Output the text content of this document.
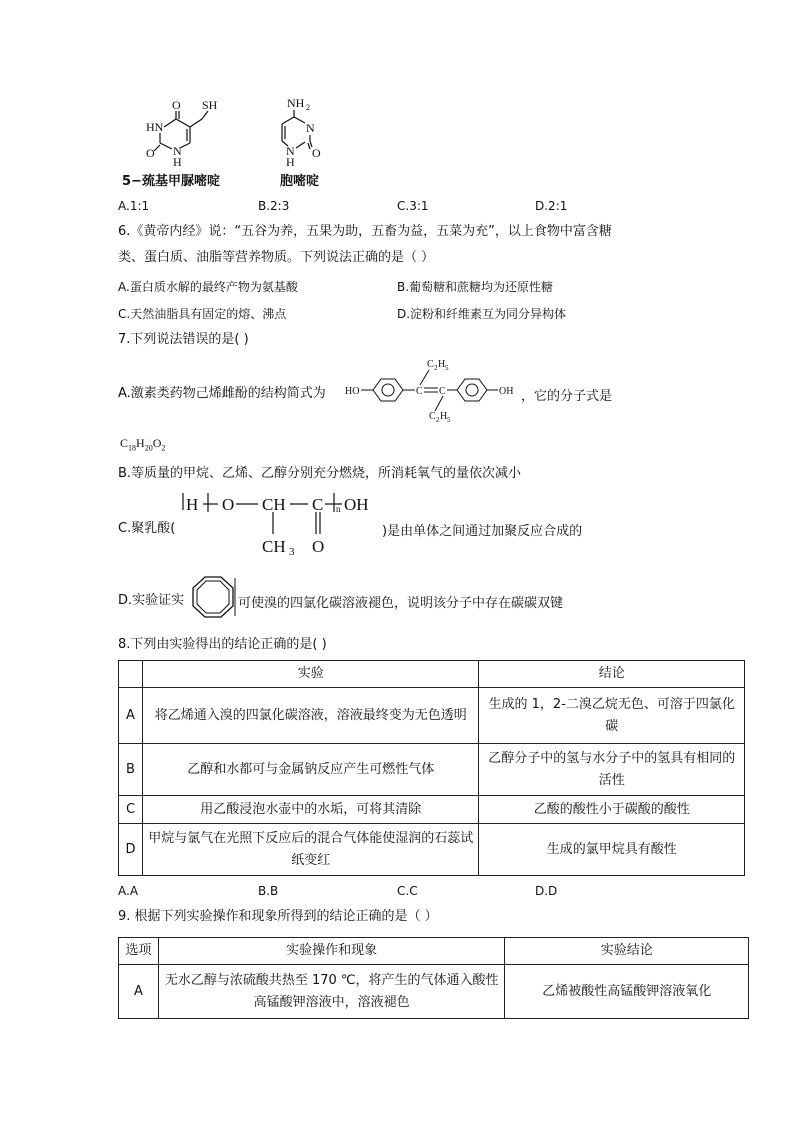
O SH
HN
O N
H
5−巯基甲脲嘧啶
NH 2
N
O
N
H
胞嘧啶
A.1:1	B.2:3	C.3:1	D.2:1
6.《黄帝内经》说：“五谷为养，五果为助，五畜为益，五菜为充”，以上食物中富含糖
类、蛋白质、油脂等营养物质。下列说法正确的是（ ）
A.蛋白质水解的最终产物为氨基酸	B.葡萄糖和蔗糖均为还原性糖
C.天然油脂具有固定的熔、沸点	D.淀粉和纤维素互为同分异构体
7.下列说法错误的是( )
A.激素类药物己烯雌酚的结构简式为 HO	OH
C 2 H 5
C 2 H 5
C C	，它的分子式是
$C_{18}H_{20}O_2$
B.等质量的甲烷、乙烯、乙醇分别充分燃烧，所消耗氧气的量依次减小
C.聚乳酸(
H O CH C OH
CH 3 O
n
)是由单体之间通过加聚反应合成的
D.实验证实	可使溴的四氯化碳溶液褪色，说明该分子中存在碳碳双键
8.下列由实验得出的结论正确的是( )
	实验	结论
A	将乙烯通入溴的四氯化碳溶液，溶液最终变为无色透明	生成的 1，2-二溴乙烷无色、可溶于四氯化碳
B	乙醇和水都可与金属钠反应产生可燃性气体	乙醇分子中的氢与水分子中的氢具有相同的活性
C	用乙酸浸泡水壶中的水垢，可将其清除	乙酸的酸性小于碳酸的酸性
D	甲烷与氯气在光照下反应后的混合气体能使湿润的石蕊试纸变红	生成的氯甲烷具有酸性
A.A	B.B	C.C	D.D
9. 根据下列实验操作和现象所得到的结论正确的是（ ）
选项	实验操作和现象	实验结论
A	无水乙醇与浓硫酸共热至 170 ℃，将产生的气体通入酸性高锰酸钾溶液中，溶液褪色	乙烯被酸性高锰酸钾溶液氧化
